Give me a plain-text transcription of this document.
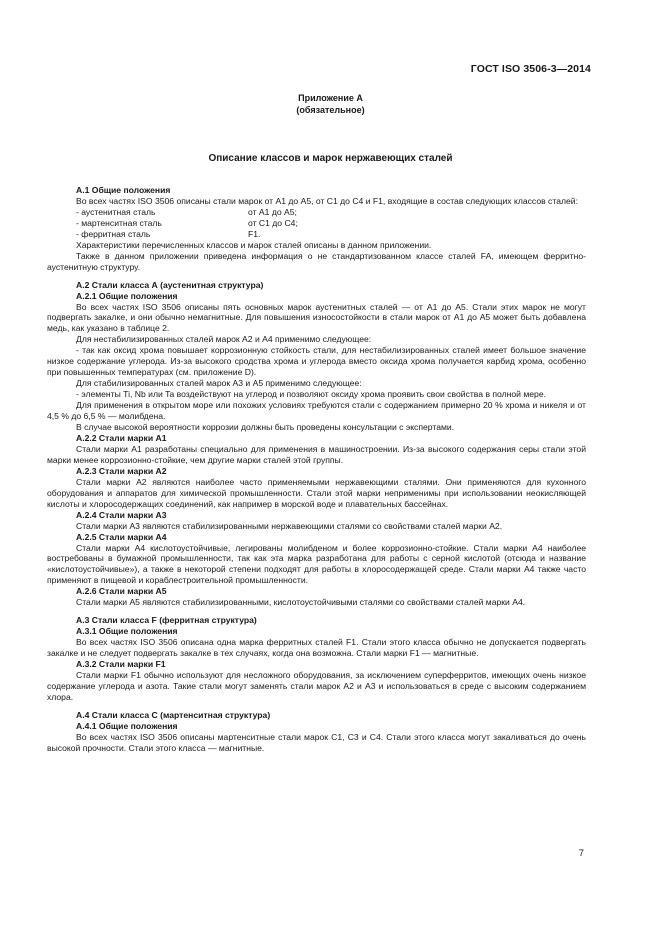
ГОСТ ISO 3506-3—2014
Приложение А
(обязательное)
Описание классов и марок нержавеющих сталей

А.1 Общие положения

Во всех частях ISO 3506 описаны стали марок от А1 до А5, от С1 до С4 и F1, входящие в состав следующих классов сталей:

- аустенитная сталь	от А1 до А5;
- мартенситная сталь	от С1 до С4;
- ферритная сталь	F1.

Характеристики перечисленных классов и марок сталей описаны в данном приложении.

Также в данном приложении приведена информация о не стандартизованном классе сталей FA, имеющем ферритно-аустенитную структуру.

А.2 Стали класса А (аустенитная структура)

А.2.1 Общие положения

Во всех частях ISO 3506 описаны пять основных марок аустенитных сталей — от А1 до А5. Стали этих марок не могут подвергать закалке, и они обычно немагнитные. Для повышения износостойкости в стали марок от А1 до А5 может быть добавлена медь, как указано в таблице 2.

Для нестабилизированных сталей марок А2 и А4 применимо следующее:

- так как оксид хрома повышает коррозионную стойкость стали, для нестабилизированных сталей имеет большое значение низкое содержание углерода. Из-за высокого сродства хрома и углерода вместо оксида хрома получается карбид хрома, особенно при повышенных температурах (см. приложение D).

Для стабилизированных сталей марок А3 и А5 применимо следующее:

- элементы Ti, Nb или Ta воздействуют на углерод и позволяют оксиду хрома проявить свои свойства в полной мере.

Для применения в открытом море или похожих условиях требуются стали с содержанием примерно 20 % хрома и никеля и от 4,5 % до 6,5 % — молибдена.

В случае высокой вероятности коррозии должны быть проведены консультации с экспертами.

А.2.2 Стали марки А1

Стали марки А1 разработаны специально для применения в машиностроении. Из-за высокого содержания серы стали этой марки менее коррозионно-стойкие, чем другие марки сталей этой группы.

А.2.3 Стали марки А2

Стали марки А2 являются наиболее часто применяемыми нержавеющими сталями. Они применяются для кухонного оборудования и аппаратов для химической промышленности. Стали этой марки неприменимы при использовании неокисляющей кислоты и хлоросодержащих соединений, как например в морской воде и плавательных бассейнах.

А.2.4 Стали марки А3

Стали марки А3 являются стабилизированными нержавеющими сталями со свойствами сталей марки А2.

А.2.5 Стали марки А4

Стали марки А4 кислотоустойчивые, легированы молибденом и более коррозионно-стойкие. Стали марки А4 наиболее востребованы в бумажной промышленности, так как эта марка разработана для работы с серной кислотой (отсюда и название «кислотоустойчивые»), а также в некоторой степени подходят для работы в хлоросодержащей среде. Стали марки А4 также часто применяют в пищевой и кораблестроительной промышленности.

А.2.6 Стали марки А5

Стали марки А5 являются стабилизированными, кислотоустойчивыми сталями со свойствами сталей марки А4.

А.3 Стали класса F (ферритная структура)

А.3.1 Общие положения

Во всех частях ISO 3506 описана одна марка ферритных сталей F1. Стали этого класса обычно не допускается подвергать закалке и не следует подвергать закалке в тех случаях, когда она возможна. Стали марки F1 — магнитные.

А.3.2 Стали марки F1

Стали марки F1 обычно используют для несложного оборудования, за исключением суперферритов, имеющих очень низкое содержание углерода и азота. Такие стали могут заменять стали марок А2 и А3 и использоваться в среде с высоким содержанием хлора.

А.4 Стали класса С (мартенситная структура)

А.4.1 Общие положения

Во всех частях ISO 3506 описаны мартенситные стали марок С1, С3 и С4. Стали этого класса могут закаливаться до очень высокой прочности. Стали этого класса — магнитные.

7
